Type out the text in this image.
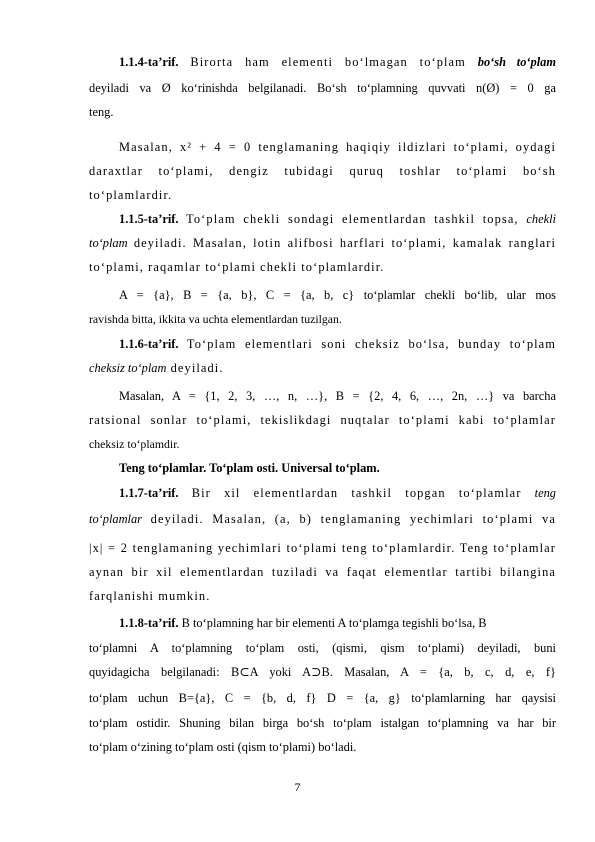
1.1.4-ta’rif. Birorta ham elementi bo‘lmagan to‘plam bo‘sh to‘plam
deyiladi va Ø ko‘rinishda belgilanadi. Bo‘sh to‘plamning quvvati n(Ø) = 0 ga
teng.
Masalan, x² + 4 = 0 tenglamaning haqiqiy ildizlari to‘plami, oydagi
daraxtlar to‘plami, dengiz tubidagi quruq toshlar to‘plami bo‘sh
to‘plamlardir.
1.1.5-ta’rif. To‘plam chekli sondagi elementlardan tashkil topsa, chekli
to‘plam deyiladi. Masalan, lotin alifbosi harflari to‘plami, kamalak ranglari
to‘plami, raqamlar to‘plami chekli to‘plamlardir.
A = {a}, B = {a, b}, C = {a, b, c} to‘plamlar chekli bo‘lib, ular mos
ravishda bitta, ikkita va uchta elementlardan tuzilgan.
1.1.6-ta’rif. To‘plam elementlari soni cheksiz bo‘lsa, bunday to‘plam
cheksiz to‘plam deyiladi.
Masalan, A = {1, 2, 3, …, n, …}, B = {2, 4, 6, …, 2n, …} va barcha
ratsional sonlar to‘plami, tekislikdagi nuqtalar to‘plami kabi to‘plamlar
cheksiz to‘plamdir.
Teng to‘plamlar. To‘plam osti. Universal to‘plam.
1.1.7-ta’rif. Bir xil elementlardan tashkil topgan to‘plamlar teng
to‘plamlar deyiladi. Masalan, (a, b) tenglamaning yechimlari to‘plami va
|x| = 2 tenglamaning yechimlari to‘plami teng to‘plamlardir. Teng to‘plamlar
aynan bir xil elementlardan tuziladi va faqat elementlar tartibi bilangina
farqlanishi mumkin.
1.1.8-ta’rif. B to‘plamning har bir elementi A to‘plamga tegishli bo‘lsa, B
to‘plamni A to‘plamning to‘plam osti, (qismi, qism to‘plami) deyiladi, buni
quyidagicha belgilanadi: B⊂A yoki A⊃B. Masalan, A = {a, b, c, d, e, f}
to‘plam uchun B={a}, C = {b, d, f} D = {a, g} to‘plamlarning har qaysisi
to‘plam ostidir. Shuning bilan birga bo‘sh to‘plam istalgan to‘plamning va har bir
to‘plam o‘zining to‘plam osti (qism to‘plami) bo‘ladi.
7
